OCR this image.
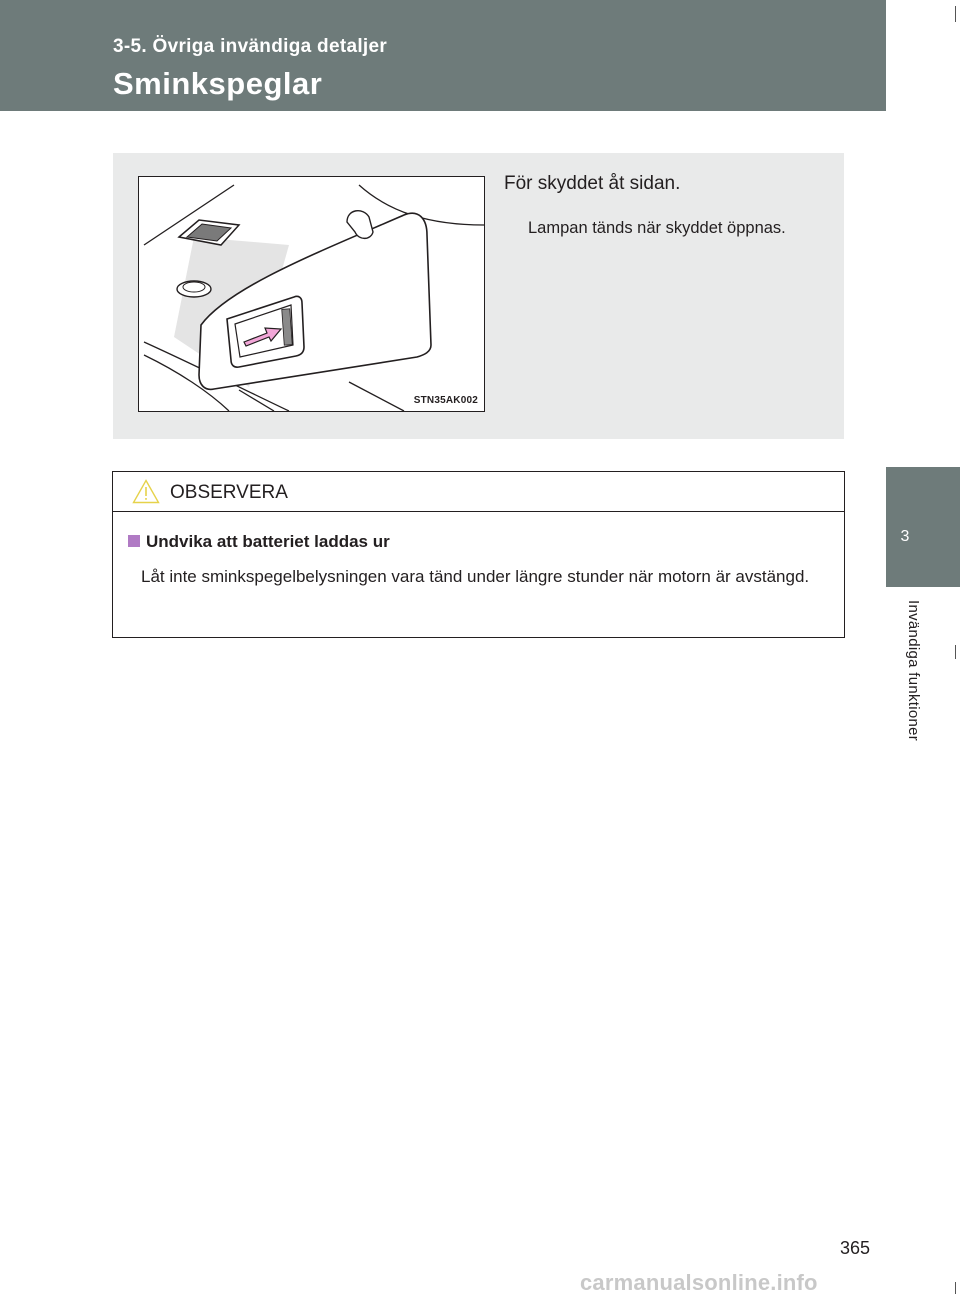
3-5. Övriga invändiga detaljer
Sminkspeglar
3
Invändiga funktioner
STN35AK002
För skyddet åt sidan.
Lampan tänds när skyddet öppnas.
OBSERVERA
Undvika att batteriet laddas ur
Låt inte sminkspegelbelysningen vara tänd under längre stunder när motorn är avstängd.
365
carmanualsonline.info
